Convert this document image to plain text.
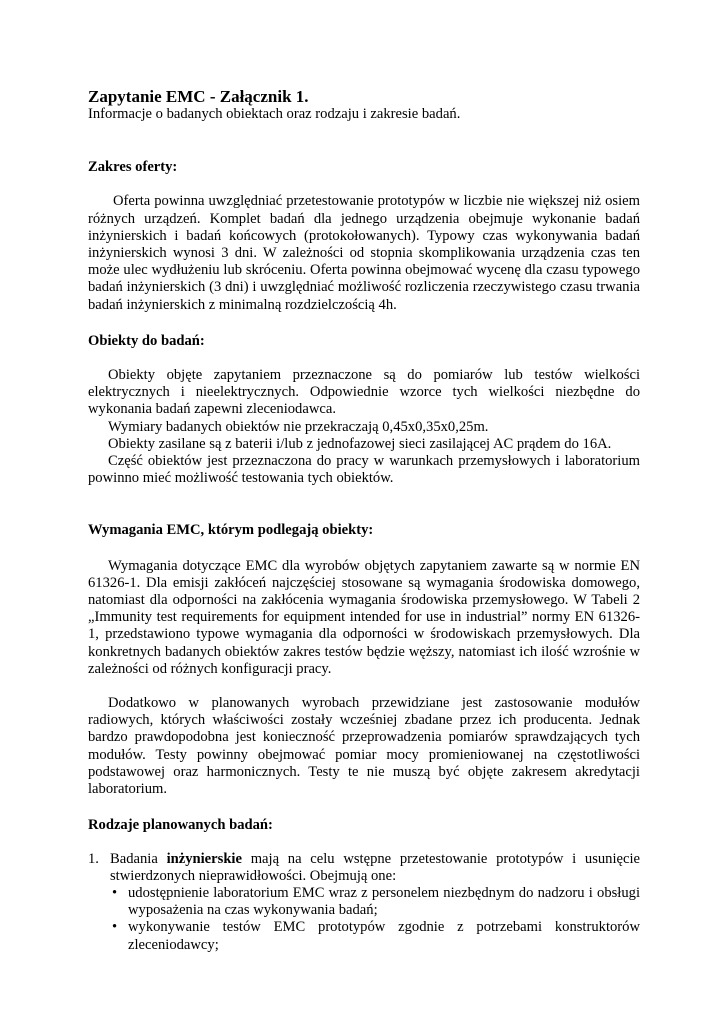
Zapytanie EMC - Załącznik 1.

Informacje o badanych obiektach oraz rodzaju i zakresie badań.

Zakres oferty:

Oferta powinna uwzględniać przetestowanie prototypów w liczbie nie większej niż osiem różnych urządzeń. Komplet badań dla jednego urządzenia obejmuje wykonanie badań inżynierskich i badań końcowych (protokołowanych). Typowy czas wykonywania badań inżynierskich wynosi 3 dni. W zależności od stopnia skomplikowania urządzenia czas ten może ulec wydłużeniu lub skróceniu. Oferta powinna obejmować wycenę dla czasu typowego badań inżynierskich (3 dni) i uwzględniać możliwość rozliczenia rzeczywistego czasu trwania badań inżynierskich z minimalną rozdzielczością 4h.

Obiekty do badań:

Obiekty objęte zapytaniem przeznaczone są do pomiarów lub testów wielkości elektrycznych i nieelektrycznych. Odpowiednie wzorce tych wielkości niezbędne do wykonania badań zapewni zleceniodawca.

Wymiary badanych obiektów nie przekraczają 0,45x0,35x0,25m.

Obiekty zasilane są z baterii i/lub z jednofazowej sieci zasilającej AC prądem do 16A.

Część obiektów jest przeznaczona do pracy w warunkach przemysłowych i laboratorium powinno mieć możliwość testowania tych obiektów.

Wymagania EMC, którym podlegają obiekty:

Wymagania dotyczące EMC dla wyrobów objętych zapytaniem zawarte są w normie EN 61326-1. Dla emisji zakłóceń najczęściej stosowane są wymagania środowiska domowego, natomiast dla odporności na zakłócenia wymagania środowiska przemysłowego. W Tabeli 2 „Immunity test requirements for equipment intended for use in industrial” normy EN 61326-1, przedstawiono typowe wymagania dla odporności w środowiskach przemysłowych. Dla konkretnych badanych obiektów zakres testów będzie węższy, natomiast ich ilość wzrośnie w zależności od różnych konfiguracji pracy.

Dodatkowo w planowanych wyrobach przewidziane jest zastosowanie modułów radiowych, których właściwości zostały wcześniej zbadane przez ich producenta. Jednak bardzo prawdopodobna jest konieczność przeprowadzenia pomiarów sprawdzających tych modułów. Testy powinny obejmować pomiar mocy promieniowanej na częstotliwości podstawowej oraz harmonicznych. Testy te nie muszą być objęte zakresem akredytacji laboratorium.

Rodzaje planowanych badań:
1. Badania inżynierskie mają na celu wstępne przetestowanie prototypów i usunięcie stwierdzonych nieprawidłowości. Obejmują one:

• udostępnienie laboratorium EMC wraz z personelem niezbędnym do nadzoru i obsługi wyposażenia na czas wykonywania badań;
• wykonywanie testów EMC prototypów zgodnie z potrzebami konstruktorów zleceniodawcy;
